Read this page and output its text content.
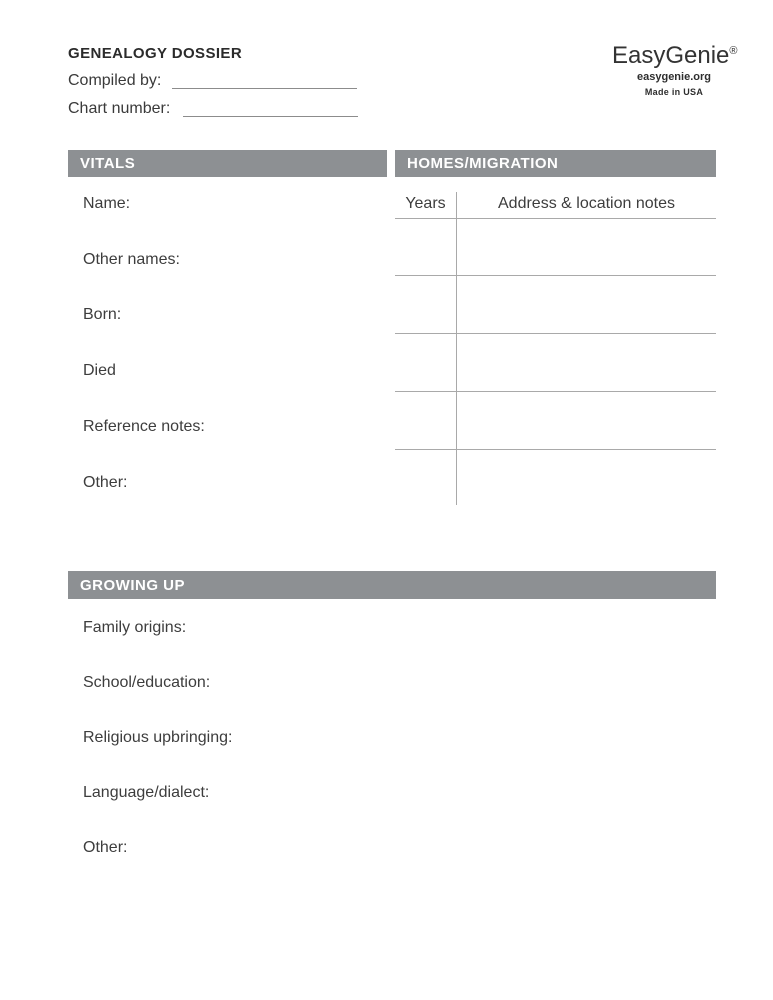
GENEALOGY DOSSIER
Compiled by:
Chart number:
EasyGenie®
easygenie.org
Made in USA
VITALS
Name:
Other names:
Born:
Died
Reference notes:
Other:
HOMES/MIGRATION
Years	Address & location notes
GROWING UP
Family origins:
School/education:
Religious upbringing:
Language/dialect:
Other:
